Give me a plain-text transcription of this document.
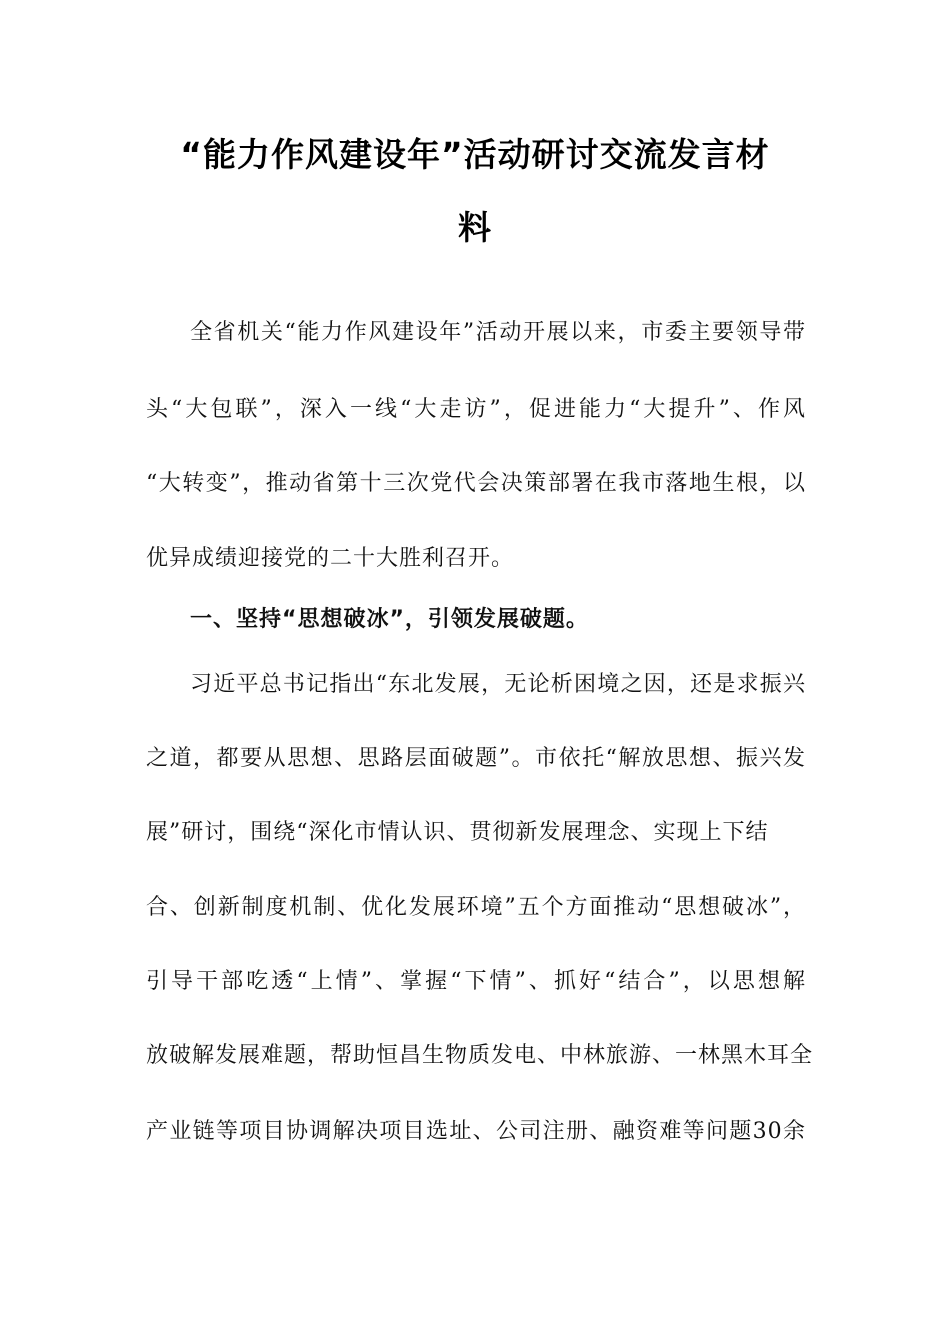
“能力作风建设年”活动研讨交流发言材
料
全省机关“能力作风建设年”活动开展以来，市委主要领导带
头“大包联”，深入一线“大走访”，促进能力“大提升”、作风
“大转变”，推动省第十三次党代会决策部署在我市落地生根，以
优异成绩迎接党的二十大胜利召开。
一、坚持“思想破冰”，引领发展破题。
习近平总书记指出“东北发展，无论析困境之因，还是求振兴
之道，都要从思想、思路层面破题”。市依托“解放思想、振兴发
展”研讨，围绕“深化市情认识、贯彻新发展理念、实现上下结
合、创新制度机制、优化发展环境”五个方面推动“思想破冰”，
引导干部吃透“上情”、掌握“下情”、抓好“结合”，以思想解
放破解发展难题，帮助恒昌生物质发电、中林旅游、一林黑木耳全
产业链等项目协调解决项目选址、公司注册、融资难等问题30余
